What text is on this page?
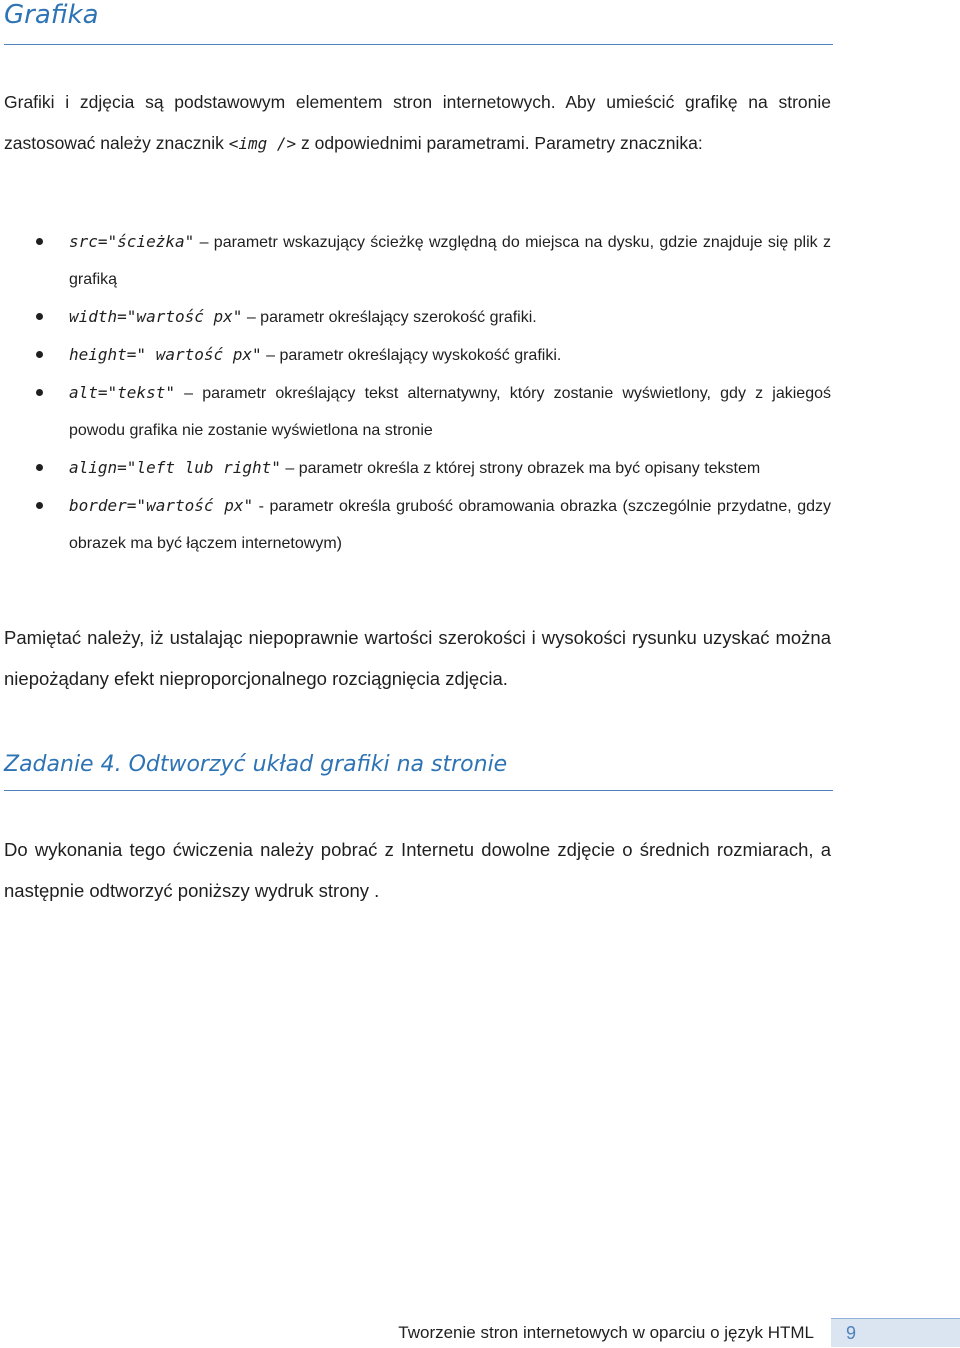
Grafika

Grafiki i zdjęcia są podstawowym elementem stron internetowych. Aby umieścić grafikę na stronie zastosować należy znacznik <img /> z odpowiednimi parametrami. Parametry znacznika:

src="ścieżka" – parametr wskazujący ścieżkę względną do miejsca na dysku, gdzie znajduje się plik z grafiką
width="wartość px" – parametr określający szerokość grafiki.
height=" wartość px" – parametr określający wyskokość grafiki.
alt="tekst" – parametr określający tekst alternatywny, który zostanie wyświetlony, gdy z jakiegoś powodu grafika nie zostanie wyświetlona na stronie
align="left lub right" – parametr określa z której strony obrazek ma być opisany tekstem
border="wartość px" - parametr określa grubość obramowania obrazka (szczególnie przydatne, gdzy obrazek ma być łączem internetowym)

Pamiętać należy, iż ustalając niepoprawnie wartości szerokości i wysokości rysunku uzyskać można niepożądany efekt nieproporcjonalnego rozciągnięcia zdjęcia.

Zadanie 4. Odtworzyć układ grafiki na stronie

Do wykonania tego ćwiczenia należy pobrać z Internetu dowolne zdjęcie o średnich rozmiarach, a następnie odtworzyć poniższy wydruk strony .

Tworzenie stron internetowych w oparciu o język HTML	9
